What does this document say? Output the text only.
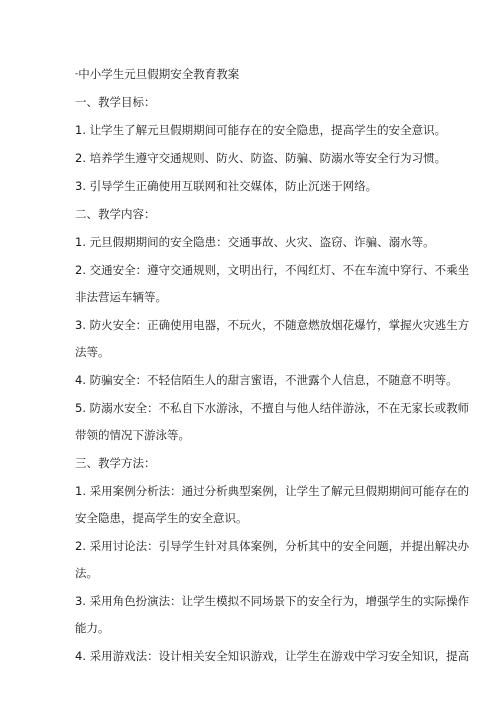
-中小学生元旦假期安全教育教案
一、教学目标：
1. 让学生了解元旦假期期间可能存在的安全隐患，提高学生的安全意识。
2. 培养学生遵守交通规则、防火、防盗、防骗、防溺水等安全行为习惯。
3. 引导学生正确使用互联网和社交媒体，防止沉迷于网络。
二、教学内容：
1. 元旦假期期间的安全隐患：交通事故、火灾、盗窃、诈骗、溺水等。
2. 交通安全：遵守交通规则，文明出行，不闯红灯、不在车流中穿行、不乘坐
非法营运车辆等。
3. 防火安全：正确使用电器，不玩火，不随意燃放烟花爆竹，掌握火灾逃生方
法等。
4. 防骗安全：不轻信陌生人的甜言蜜语，不泄露个人信息，不随意不明等。
5. 防溺水安全：不私自下水游泳，不擅自与他人结伴游泳，不在无家长或教师
带领的情况下游泳等。
三、教学方法：
1. 采用案例分析法：通过分析典型案例，让学生了解元旦假期期间可能存在的
安全隐患，提高学生的安全意识。
2. 采用讨论法：引导学生针对具体案例，分析其中的安全问题，并提出解决办
法。
3. 采用角色扮演法：让学生模拟不同场景下的安全行为，增强学生的实际操作
能力。
4. 采用游戏法：设计相关安全知识游戏，让学生在游戏中学习安全知识，提高
